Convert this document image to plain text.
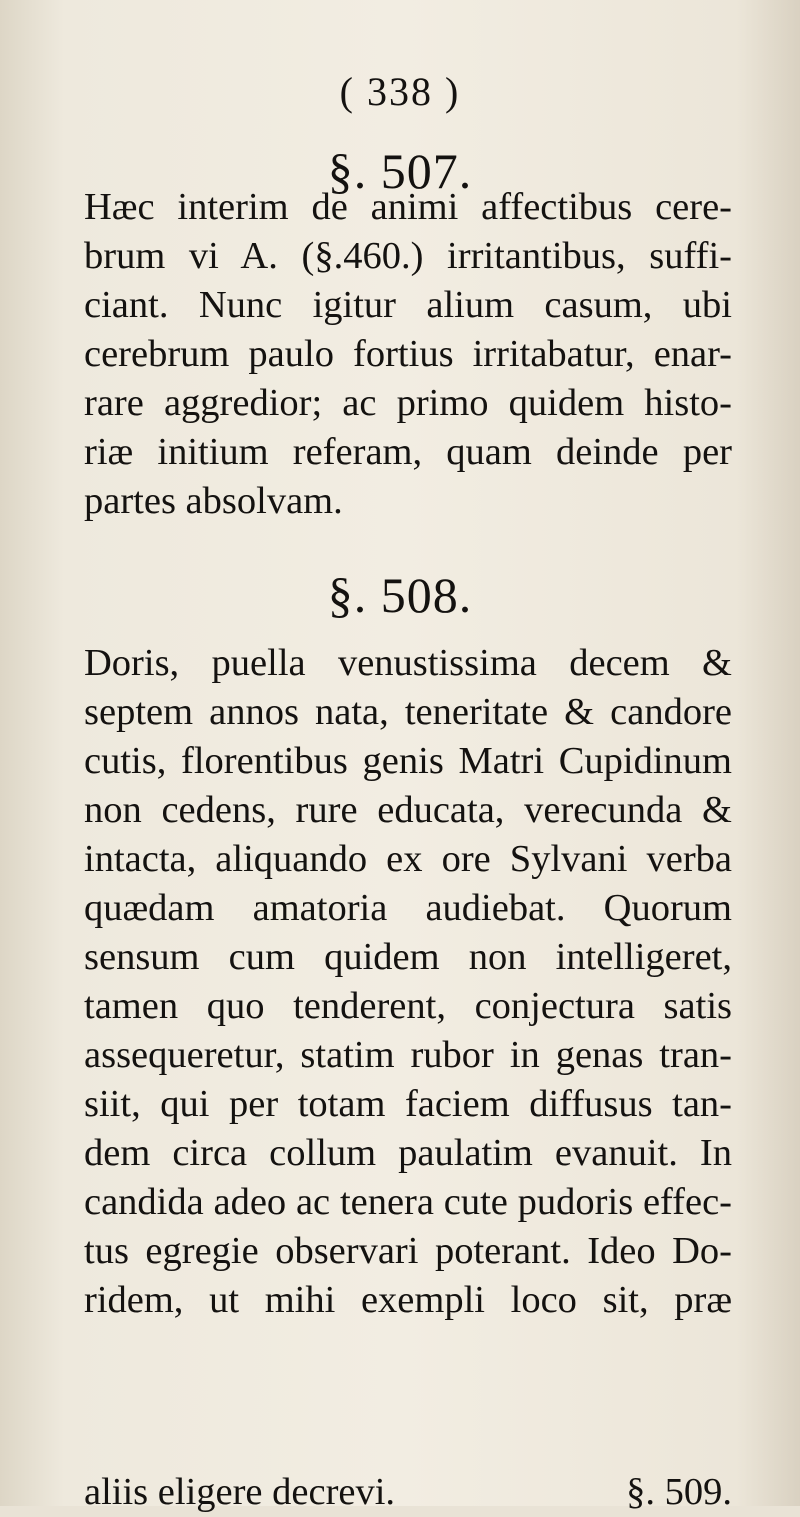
( 338 )
§. 507.
Hæc interim de animi affectibus cere-
brum vi A. (§.460.) irritantibus, suffi-
ciant. Nunc igitur alium casum, ubi
cerebrum paulo fortius irritabatur, enar-
rare aggredior; ac primo quidem histo-
riæ initium referam, quam deinde per
partes absolvam.
§. 508.
Doris, puella venustissima decem &
septem annos nata, teneritate & candore
cutis, florentibus genis Matri Cupidinum
non cedens, rure educata, verecunda &
intacta, aliquando ex ore Sylvani verba
quædam amatoria audiebat. Quorum
sensum cum quidem non intelligeret,
tamen quo tenderent, conjectura satis
assequeretur, statim rubor in genas tran-
siit, qui per totam faciem diffusus tan-
dem circa collum paulatim evanuit. In
candida adeo ac tenera cute pudoris effec-
tus egregie observari poterant. Ideo Do-
ridem, ut mihi exempli loco sit, præ
aliis eligere decrevi.	§. 509.
